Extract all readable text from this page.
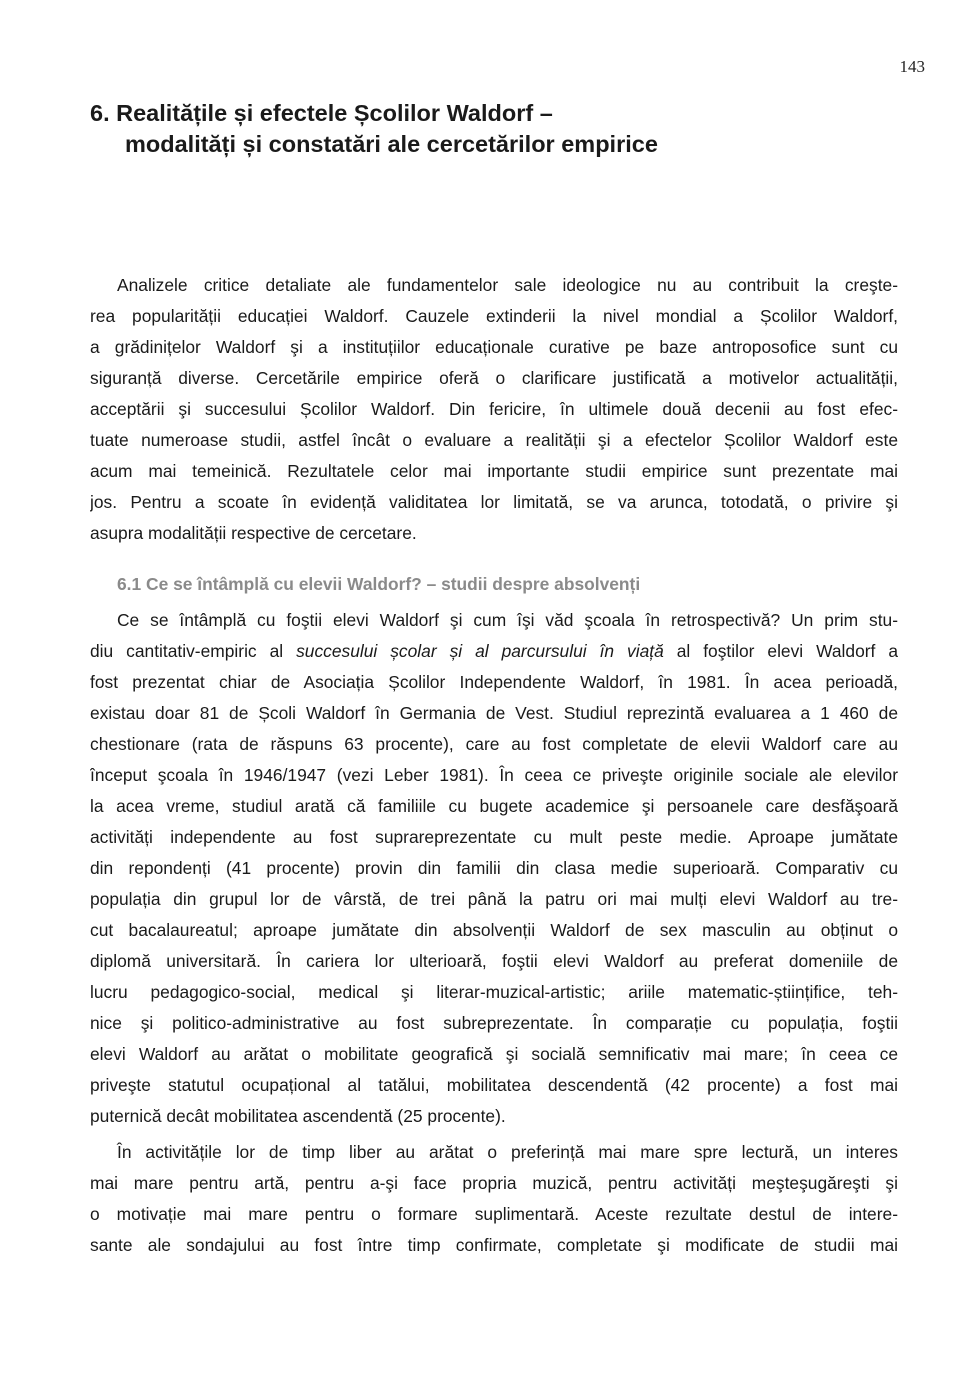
143
6. Realitățile și efectele Școlilor Waldorf –
modalități și constatări ale cercetărilor empirice
Analizele critice detaliate ale fundamentelor sale ideologice nu au contribuit la creşte-
rea popularității educației Waldorf. Cauzele extinderii la nivel mondial a Școlilor Waldorf,
a grădinițelor Waldorf şi a instituțiilor educaționale curative pe baze antroposofice sunt cu
siguranță diverse. Cercetările empirice oferă o clarificare justificată a motivelor actualității,
acceptării şi succesului Școlilor Waldorf. Din fericire, în ultimele două decenii au fost efec-
tuate numeroase studii, astfel încât o evaluare a realității şi a efectelor Școlilor Waldorf este
acum mai temeinică. Rezultatele celor mai importante studii empirice sunt prezentate mai
jos. Pentru a scoate în evidență validitatea lor limitată, se va arunca, totodată, o privire şi
asupra modalității respective de cercetare.
6.1 Ce se întâmplă cu elevii Waldorf? – studii despre absolvenți
Ce se întâmplă cu foştii elevi Waldorf şi cum îşi văd şcoala în retrospectivă? Un prim stu-
diu cantitativ-empiric al succesului școlar și al parcursului în viață al foştilor elevi Waldorf a
fost prezentat chiar de Asociația Școlilor Independente Waldorf, în 1981. În acea perioadă,
existau doar 81 de Școli Waldorf în Germania de Vest. Studiul reprezintă evaluarea a 1 460 de
chestionare (rata de răspuns 63 procente), care au fost completate de elevii Waldorf care au
început şcoala în 1946/1947 (vezi Leber 1981). În ceea ce priveşte originile sociale ale elevilor
la acea vreme, studiul arată că familiile cu bugete academice şi persoanele care desfăşoară
activități independente au fost suprareprezentate cu mult peste medie. Aproape jumătate
din repondenți (41 procente) provin din familii din clasa medie superioară. Comparativ cu
populația din grupul lor de vârstă, de trei până la patru ori mai mulți elevi Waldorf au tre-
cut bacalaureatul; aproape jumătate din absolvenții Waldorf de sex masculin au obținut o
diplomă universitară. În cariera lor ulterioară, foştii elevi Waldorf au preferat domeniile de
lucru pedagogico-social, medical şi literar-muzical-artistic; ariile matematic-științifice, teh-
nice şi politico-administrative au fost subreprezentate. În comparație cu populația, foştii
elevi Waldorf au arătat o mobilitate geografică şi socială semnificativ mai mare; în ceea ce
priveşte statutul ocupațional al tatălui, mobilitatea descendentă (42 procente) a fost mai
puternică decât mobilitatea ascendentă (25 procente).
În activitățile lor de timp liber au arătat o preferință mai mare spre lectură, un interes
mai mare pentru artă, pentru a-şi face propria muzică, pentru activități meşteşugăreşti şi
o motivație mai mare pentru o formare suplimentară. Aceste rezultate destul de intere-
sante ale sondajului au fost între timp confirmate, completate şi modificate de studii mai
